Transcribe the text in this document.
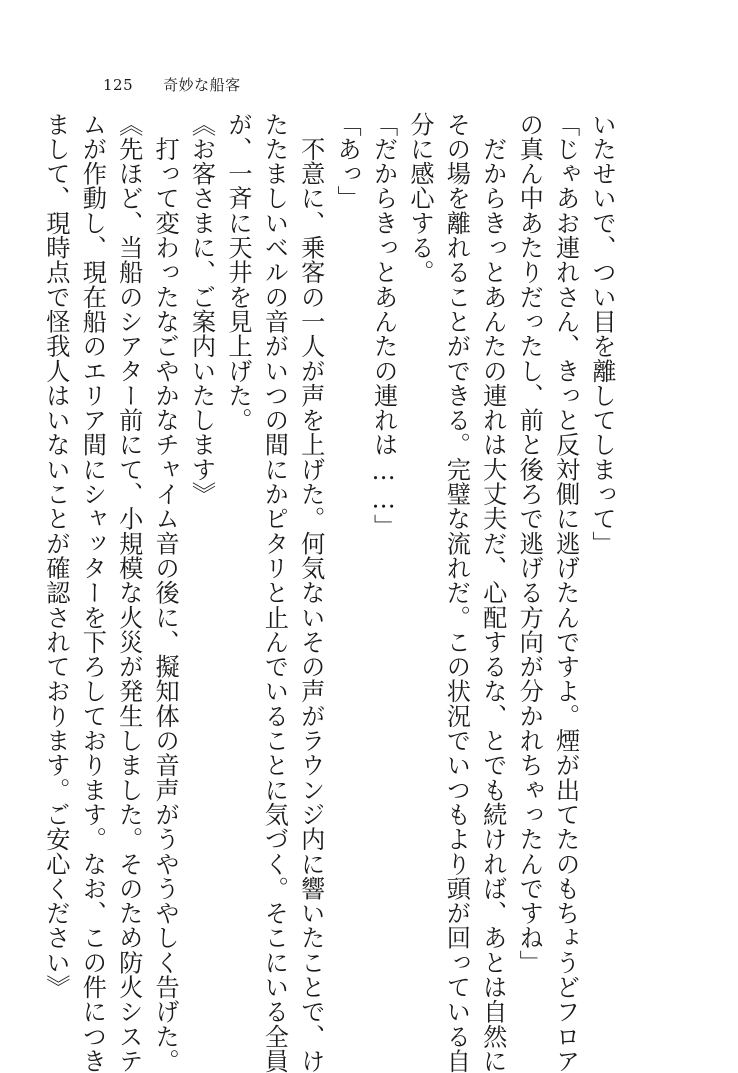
125 奇妙な船客
いたせいで、つい目を離してしまって」
「じゃあお連れさん、きっと反対側に逃げたんですよ。煙が出てたのもちょうどフロア
の真ん中あたりだったし、前と後ろで逃げる方向が分かれちゃったんですね」
　だからきっとあんたの連れは大丈夫だ、心配するな、とでも続ければ、あとは自然に
その場を離れることができる。完璧な流れだ。この状況でいつもより頭が回っている自
分に感心する。
「だからきっとあんたの連れは……」
「あっ」
　不意に、乗客の一人が声を上げた。何気ないその声がラウンジ内に響いたことで、け
たたましいベルの音がいつの間にかピタリと止んでいることに気づく。そこにいる全員
が、一斉に天井を見上げた。
《お客さまに、ご案内いたします》
　打って変わったなごやかなチャイム音の後に、擬知体の音声がうやうやしく告げた。
《先ほど、当船のシアター前にて、小規模な火災が発生しました。そのため防火システ
ムが作動し、現在船のエリア間にシャッターを下ろしております。なお、この件につき
まして、現時点で怪我人はいないことが確認されております。ご安心ください》
